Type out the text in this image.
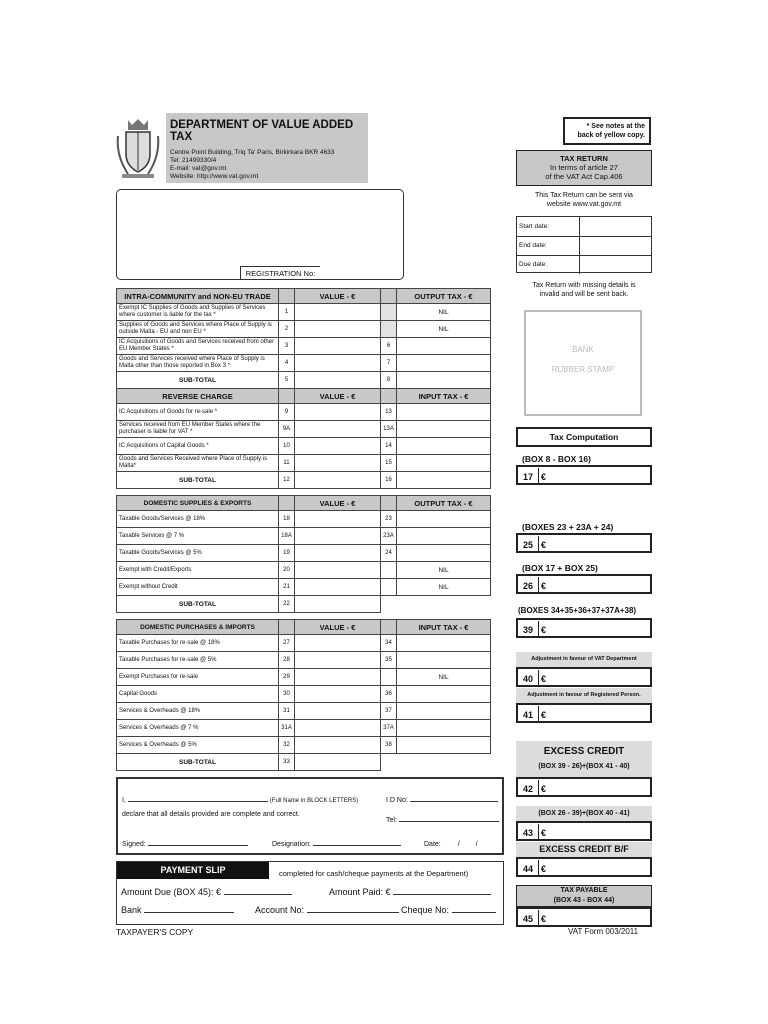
DEPARTMENT OF VALUE ADDED TAX
Centre Point Building, Triq Ta' Paris, Birkirkara BKR 4633
Tel: 21499330/4
E-mail: vat@gov.mt
Website: http://www.vat.gov.mt
REGISTRATION No:
* See notes at the back of yellow copy.
TAX RETURN
In terms of article 27
of the VAT Act Cap.406
This Tax Return can be sent via website www.vat.gov.mt
Start date:
End date:
Due date:
Tax Return with missing details is invalid and will be sent back.
BANK
RUBBER STAMP
Tax Computation
(BOX 8 - BOX 16)
17 €
(BOXES 23 + 23A + 24)
25 €
(BOX 17 + BOX 25)
26 €
(BOXES 34+35+36+37+37A+38)
39 €
Adjustment in favour of VAT Department
40 €
Adjustment in favour of Registered Person.
41 €
EXCESS CREDIT
(BOX 39 - 26)+(BOX 41 - 40)
42 €
(BOX 26 - 39)+(BOX 40 - 41)
43 €
EXCESS CREDIT B/F
44 €
TAX PAYABLE
(BOX 43 - BOX 44)
45 €
INTRA-COMMUNITY and NON-EU TRADE		VALUE - €		OUTPUT TAX - €
Exempt IC Supplies of Goods and Supplies of Services where customer is liable for the tax *	1			NIL
Supplies of Goods and Services where Place of Supply is outside Malta - EU and non EU *	2			NIL
IC Acquisitions of Goods and Services received from other EU Member States *	3		6	
Goods and Services received where Place of Supply is Malta other than those reported in Box 3 *	4		7	
SUB-TOTAL	5		8	
REVERSE CHARGE		VALUE - €		INPUT TAX - €
IC Acquisitions of Goods for re-sale *	9		13	
Services received from EU Member States where the purchaser is liable for VAT *	9A		13A	
IC Acquisitions of Capital Goods *	10		14	
Goods and Services Received where Place of Supply is Malta*	11		15	
SUB-TOTAL	12		16	
DOMESTIC SUPPLIES & EXPORTS		VALUE - €		OUTPUT TAX - €
Taxable Goods/Services @ 18%	18		23	
Taxable Services @ 7 %	18A		23A	
Taxable Goods/Services @ 5%	19		24	
Exempt with Credit/Exports	20			NIL
Exempt without Credit	21			NIL
SUB-TOTAL	22			
DOMESTIC PURCHASES & IMPORTS		VALUE - €		INPUT TAX - €
Taxable Purchases for re-sale @ 18%	27		34	
Taxable Purchases for re-sale @ 5%	28		35	
Exempt Purchases for re-sale	29			NIL
Capital Goods	30		36	
Services & Overheads @ 18%	31		37	
Services & Overheads @ 7 %	31A		37A	
Services & Overheads @ 5%	32		38	
SUB-TOTAL	33			
I,	(Full Name in BLOCK LETTERS)	I D No:
declare that all details provided are complete and correct.
Tel:
Signed:	Designation:	Date: / /
PAYMENT SLIP	completed for cash/cheque payments at the Department)
Amount Due (BOX 45): €	Amount Paid: €
Bank	Account No:	Cheque No:
TAXPAYER'S COPY	VAT Form 003/2011
